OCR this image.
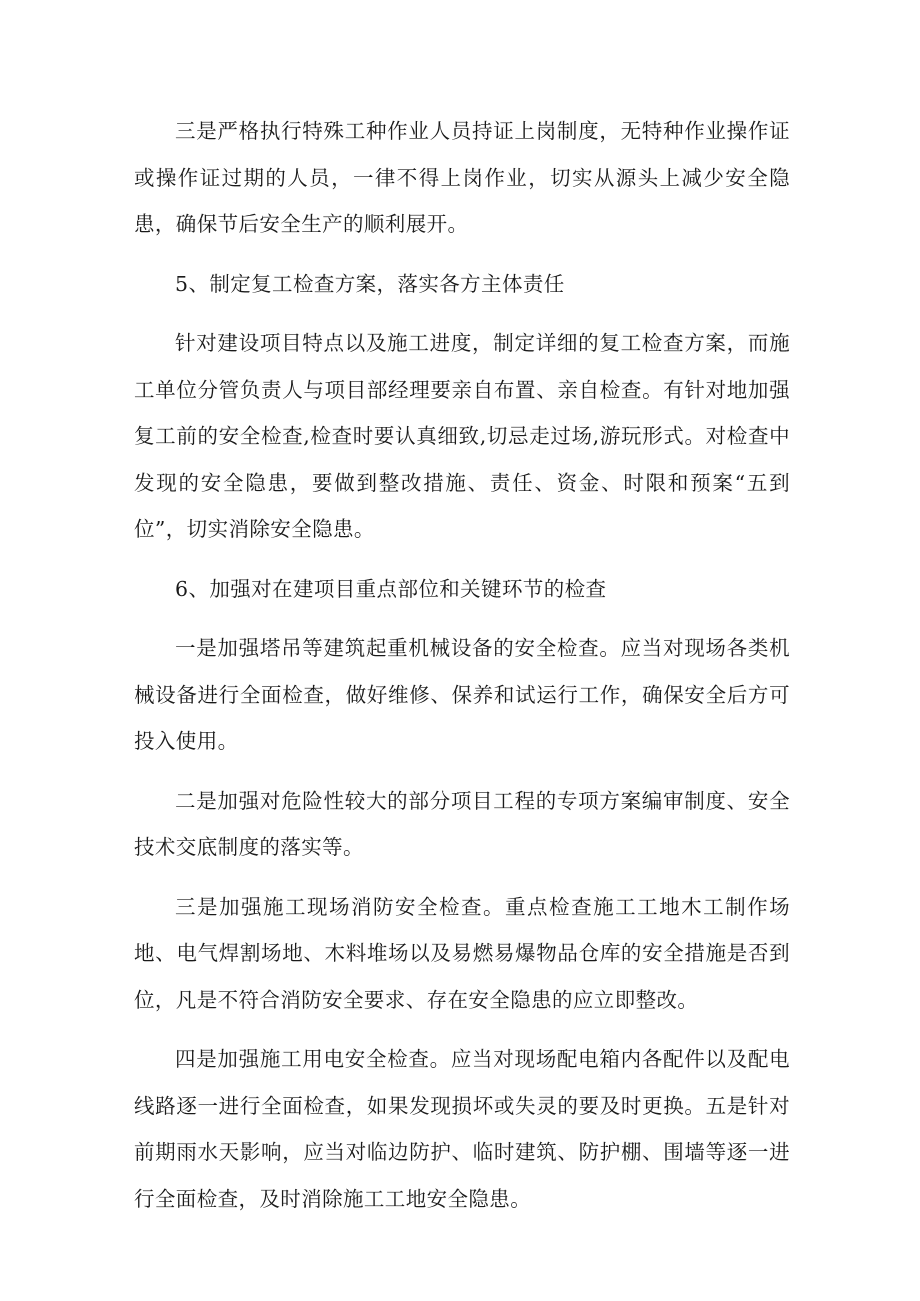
三是严格执行特殊工种作业人员持证上岗制度，无特种作业操作证或操作证过期的人员，一律不得上岗作业，切实从源头上减少安全隐患，确保节后安全生产的顺利展开。

5、制定复工检查方案，落实各方主体责任

针对建设项目特点以及施工进度，制定详细的复工检查方案，而施工单位分管负责人与项目部经理要亲自布置、亲自检查。有针对地加强复工前的安全检查,检查时要认真细致,切忌走过场,游玩形式。对检查中发现的安全隐患，要做到整改措施、责任、资金、时限和预案“五到位”，切实消除安全隐患。

6、加强对在建项目重点部位和关键环节的检查

一是加强塔吊等建筑起重机械设备的安全检查。应当对现场各类机械设备进行全面检查，做好维修、保养和试运行工作，确保安全后方可投入使用。

二是加强对危险性较大的部分项目工程的专项方案编审制度、安全技术交底制度的落实等。

三是加强施工现场消防安全检查。重点检查施工工地木工制作场地、电气焊割场地、木料堆场以及易燃易爆物品仓库的安全措施是否到位，凡是不符合消防安全要求、存在安全隐患的应立即整改。

四是加强施工用电安全检查。应当对现场配电箱内各配件以及配电线路逐一进行全面检查，如果发现损坏或失灵的要及时更换。五是针对前期雨水天影响，应当对临边防护、临时建筑、防护棚、围墙等逐一进行全面检查，及时消除施工工地安全隐患。
